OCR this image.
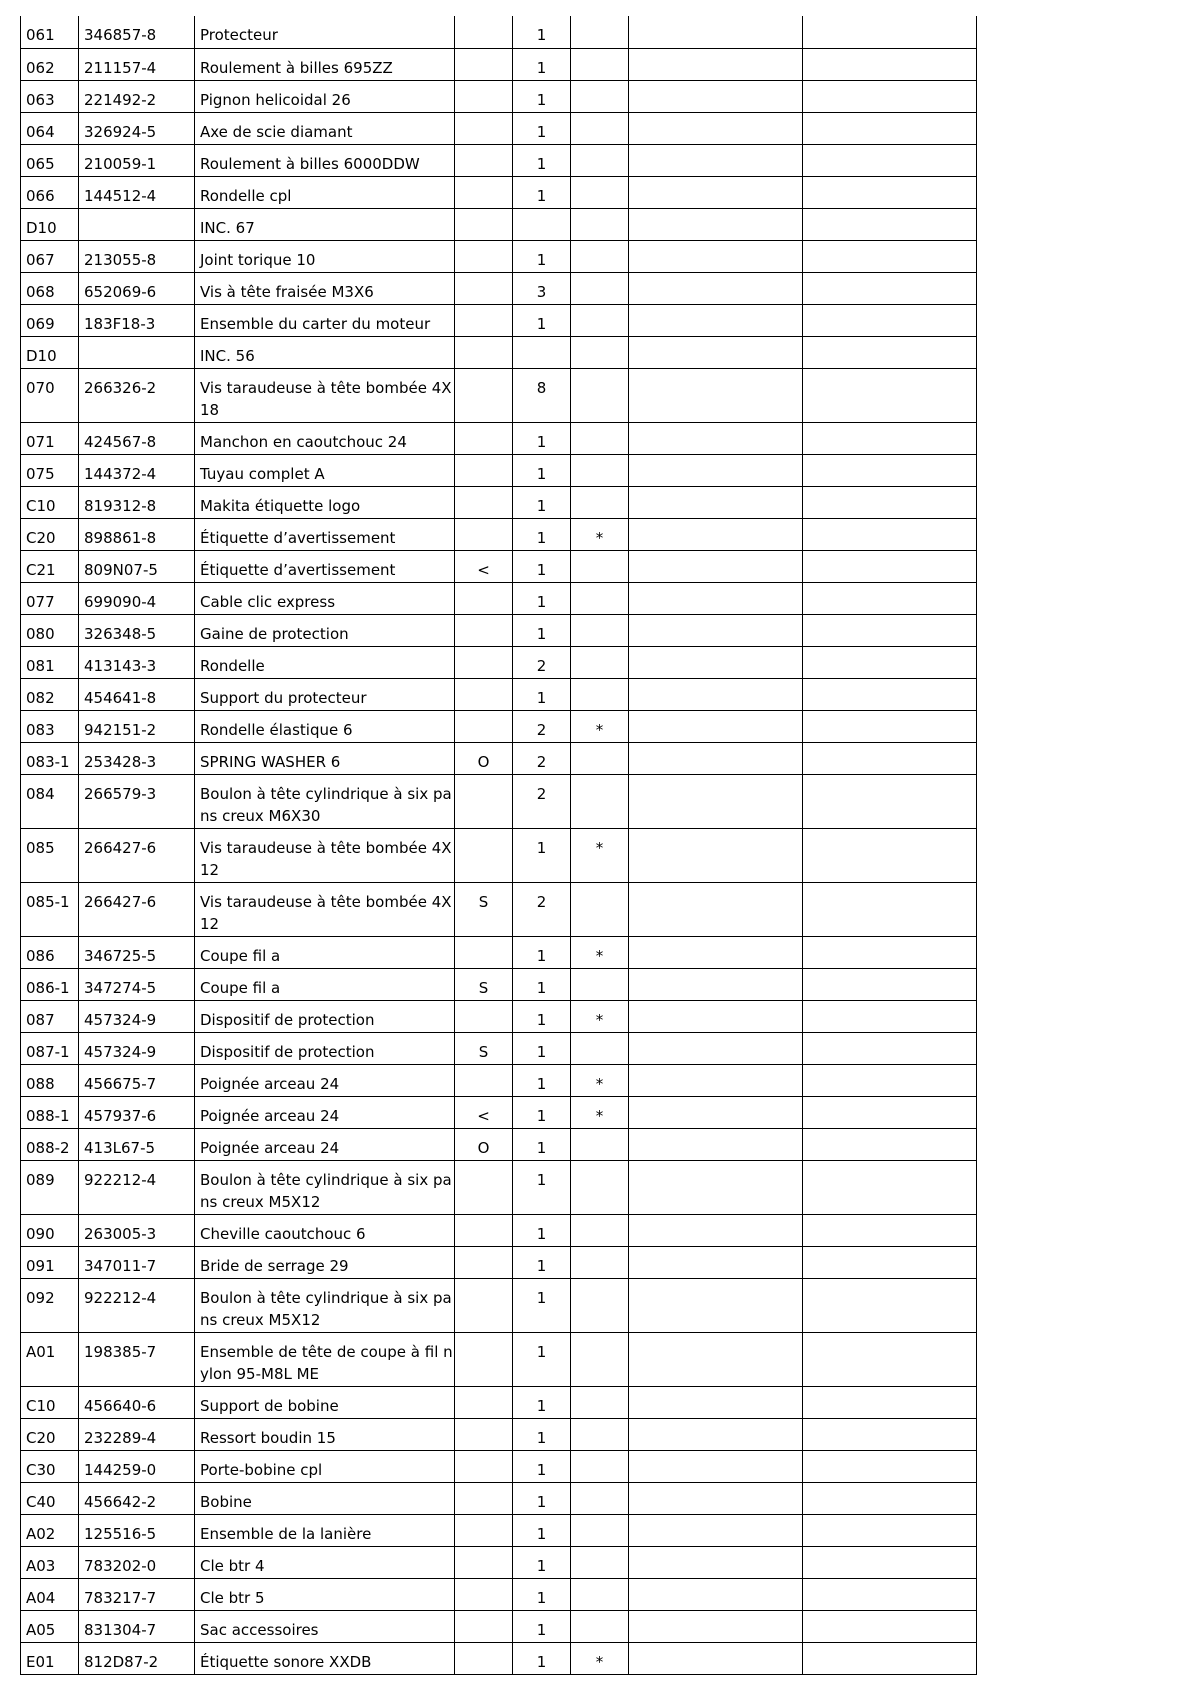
061	346857-8	Protecteur		1			
062	211157-4	Roulement à billes 695ZZ		1			
063	221492-2	Pignon helicoidal 26		1			
064	326924-5	Axe de scie diamant		1			
065	210059-1	Roulement à billes 6000DDW		1			
066	144512-4	Rondelle cpl		1			
D10		INC. 67					
067	213055-8	Joint torique 10		1			
068	652069-6	Vis à tête fraisée M3X6		3			
069	183F18-3	Ensemble du carter du moteur		1			
D10		INC. 56					
070	266326-2	Vis taraudeuse à tête bombée 4X 18		8			
071	424567-8	Manchon en caoutchouc 24		1			
075	144372-4	Tuyau complet A		1			
C10	819312-8	Makita étiquette logo		1			
C20	898861-8	Étiquette d’avertissement		1	*		
C21	809N07-5	Étiquette d’avertissement	<	1			
077	699090-4	Cable clic express		1			
080	326348-5	Gaine de protection		1			
081	413143-3	Rondelle		2			
082	454641-8	Support du protecteur		1			
083	942151-2	Rondelle élastique 6		2	*		
083-1	253428-3	SPRING WASHER 6	O	2			
084	266579-3	Boulon à tête cylindrique à six pa ns creux M6X30		2			
085	266427-6	Vis taraudeuse à tête bombée 4X 12		1	*		
085-1	266427-6	Vis taraudeuse à tête bombée 4X 12	S	2			
086	346725-5	Coupe fil a		1	*		
086-1	347274-5	Coupe fil a	S	1			
087	457324-9	Dispositif de protection		1	*		
087-1	457324-9	Dispositif de protection	S	1			
088	456675-7	Poignée arceau 24		1	*		
088-1	457937-6	Poignée arceau 24	<	1	*		
088-2	413L67-5	Poignée arceau 24	O	1			
089	922212-4	Boulon à tête cylindrique à six pa ns creux M5X12		1			
090	263005-3	Cheville caoutchouc 6		1			
091	347011-7	Bride de serrage 29		1			
092	922212-4	Boulon à tête cylindrique à six pa ns creux M5X12		1			
A01	198385-7	Ensemble de tête de coupe à fil n ylon 95-M8L ME		1			
C10	456640-6	Support de bobine		1			
C20	232289-4	Ressort boudin 15		1			
C30	144259-0	Porte-bobine cpl		1			
C40	456642-2	Bobine		1			
A02	125516-5	Ensemble de la lanière		1			
A03	783202-0	Cle btr 4		1			
A04	783217-7	Cle btr 5		1			
A05	831304-7	Sac accessoires		1			
E01	812D87-2	Étiquette sonore XXDB		1	*		
